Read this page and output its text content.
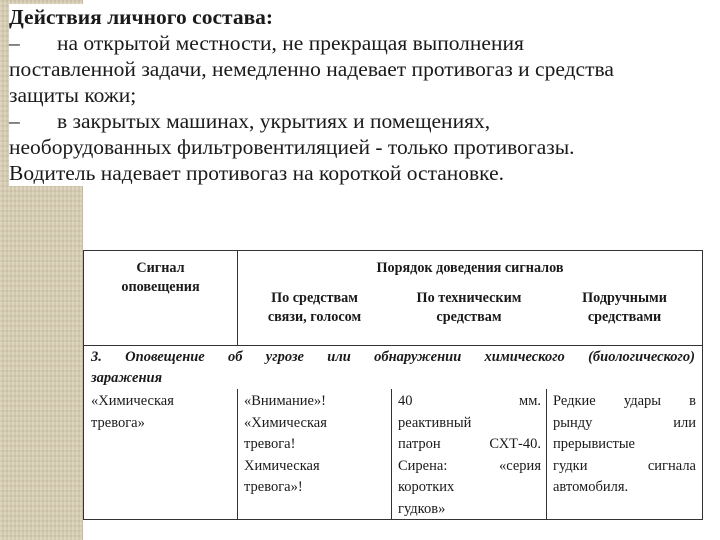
Действия личного состава:
– на открытой местности, не прекращая выполнения
поставленной задачи, немедленно надевает противогаз и средства
защиты кожи;
– в закрытых машинах, укрытиях и помещениях,
необорудованных фильтровентиляцией - только противогазы.
Водитель надевает противогаз на короткой остановке.
Сигнал
оповещения
Порядок доведения сигналов
По средствам
связи, голосом
По техническим
средствам
Подручными
средствами
3. Оповещение об угрозе или обнаружении химического (биологического)
заражения
«Химическая
тревога»
«Внимание»!
«Химическая
тревога!
Химическая
тревога»!
40 мм.
реактивный
патрон СХТ-40.
Сирена: «серия
коротких
гудков»
Редкие удары в
рынду или
прерывистые
гудки сигнала
автомобиля.
